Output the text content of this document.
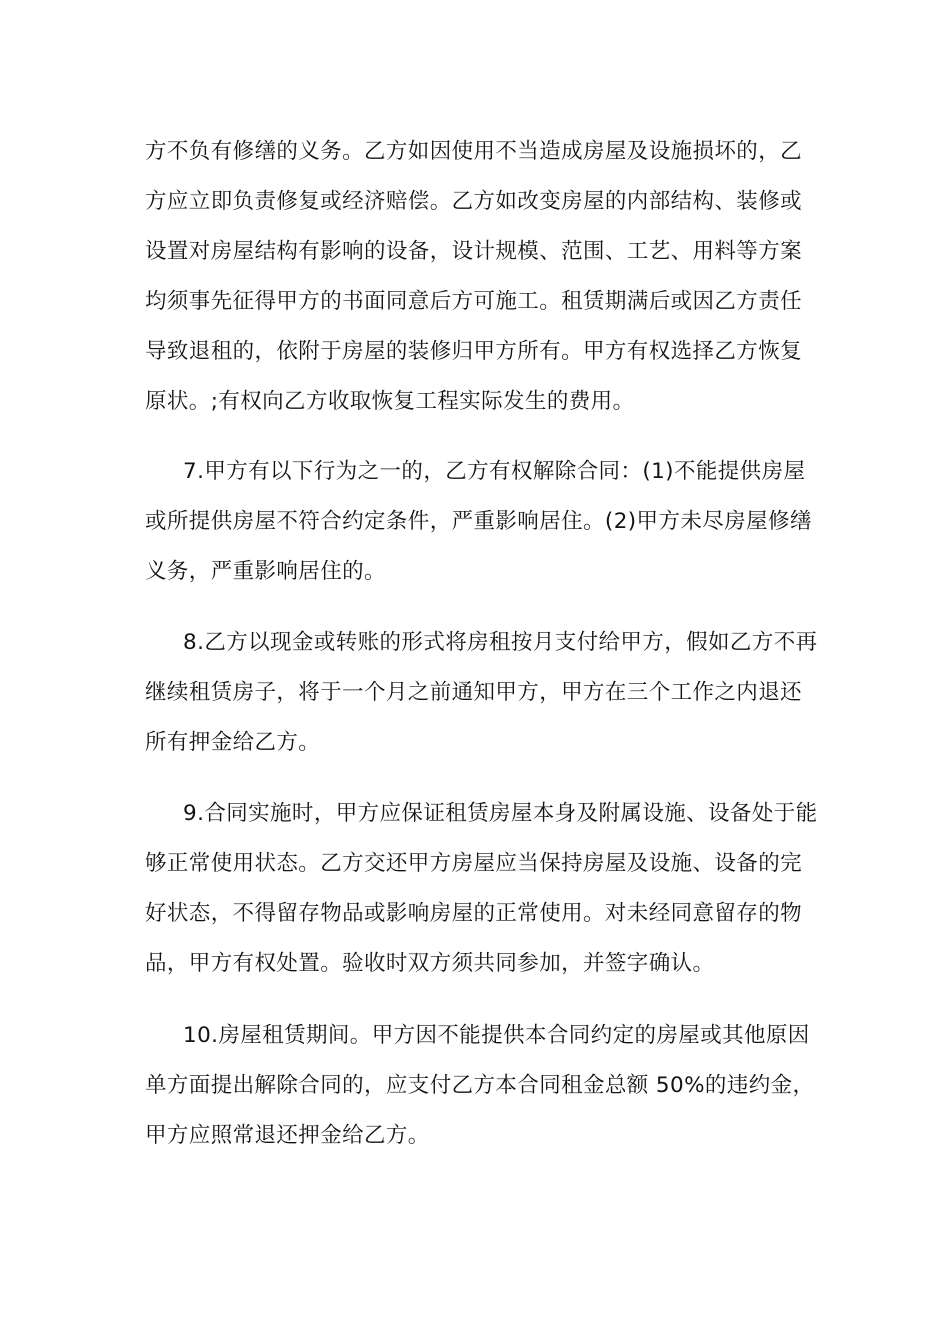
方不负有修缮的义务。乙方如因使用不当造成房屋及设施损坏的，乙
方应立即负责修复或经济赔偿。乙方如改变房屋的内部结构、装修或
设置对房屋结构有影响的设备，设计规模、范围、工艺、用料等方案
均须事先征得甲方的书面同意后方可施工。租赁期满后或因乙方责任
导致退租的，依附于房屋的装修归甲方所有。甲方有权选择乙方恢复
原状。;有权向乙方收取恢复工程实际发生的费用。
7.甲方有以下行为之一的，乙方有权解除合同：(1)不能提供房屋
或所提供房屋不符合约定条件，严重影响居住。(2)甲方未尽房屋修缮
义务，严重影响居住的。
8.乙方以现金或转账的形式将房租按月支付给甲方，假如乙方不再
继续租赁房子，将于一个月之前通知甲方，甲方在三个工作之内退还
所有押金给乙方。
9.合同实施时，甲方应保证租赁房屋本身及附属设施、设备处于能
够正常使用状态。乙方交还甲方房屋应当保持房屋及设施、设备的完
好状态，不得留存物品或影响房屋的正常使用。对未经同意留存的物
品，甲方有权处置。验收时双方须共同参加，并签字确认。
10.房屋租赁期间。甲方因不能提供本合同约定的房屋或其他原因
单方面提出解除合同的，应支付乙方本合同租金总额 50%的违约金，
甲方应照常退还押金给乙方。
